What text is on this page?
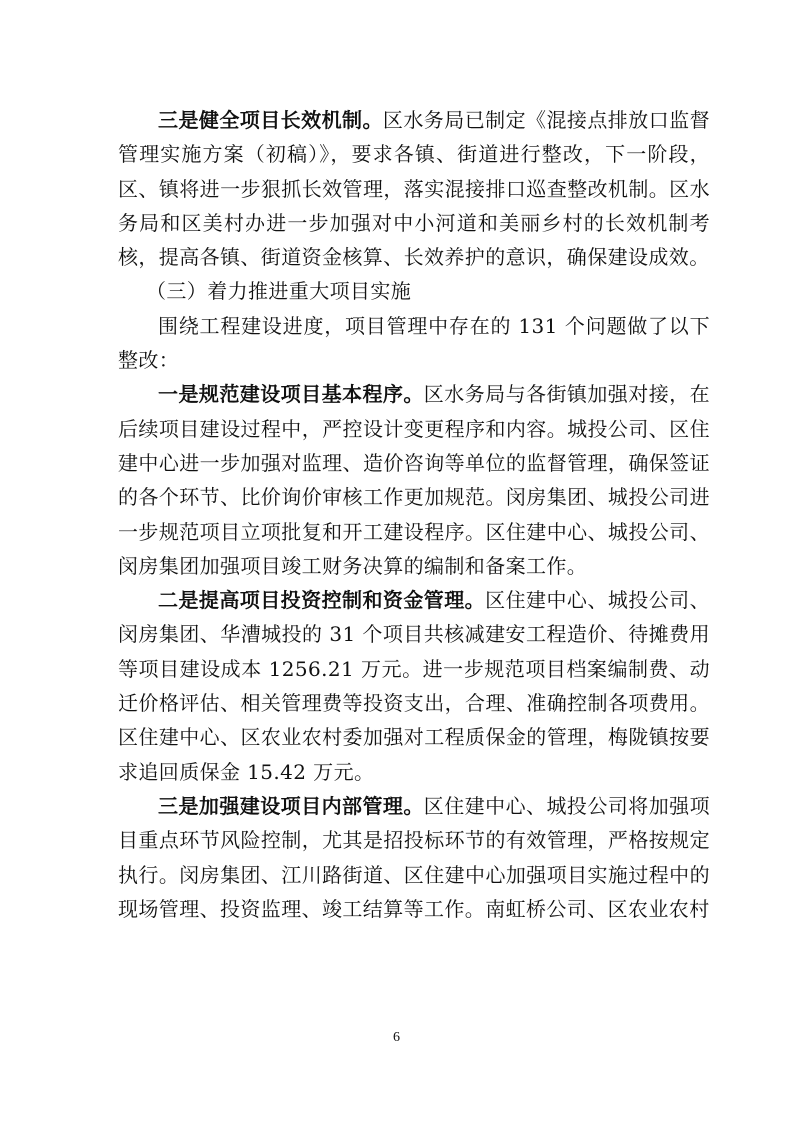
三是健全项目长效机制。区水务局已制定《混接点排放口监督管理实施方案（初稿）》，要求各镇、街道进行整改，下一阶段，区、镇将进一步狠抓长效管理，落实混接排口巡查整改机制。区水务局和区美村办进一步加强对中小河道和美丽乡村的长效机制考核，提高各镇、街道资金核算、长效养护的意识，确保建设成效。

（三）着力推进重大项目实施

围绕工程建设进度，项目管理中存在的 131 个问题做了以下整改：

一是规范建设项目基本程序。区水务局与各街镇加强对接，在后续项目建设过程中，严控设计变更程序和内容。城投公司、区住建中心进一步加强对监理、造价咨询等单位的监督管理，确保签证的各个环节、比价询价审核工作更加规范。闵房集团、城投公司进一步规范项目立项批复和开工建设程序。区住建中心、城投公司、闵房集团加强项目竣工财务决算的编制和备案工作。

二是提高项目投资控制和资金管理。区住建中心、城投公司、闵房集团、华漕城投的 31 个项目共核减建安工程造价、待摊费用等项目建设成本 1256.21 万元。进一步规范项目档案编制费、动迁价格评估、相关管理费等投资支出，合理、准确控制各项费用。区住建中心、区农业农村委加强对工程质保金的管理，梅陇镇按要求追回质保金 15.42 万元。

三是加强建设项目内部管理。区住建中心、城投公司将加强项目重点环节风险控制，尤其是招投标环节的有效管理，严格按规定执行。闵房集团、江川路街道、区住建中心加强项目实施过程中的现场管理、投资监理、竣工结算等工作。南虹桥公司、区农业农村

6
